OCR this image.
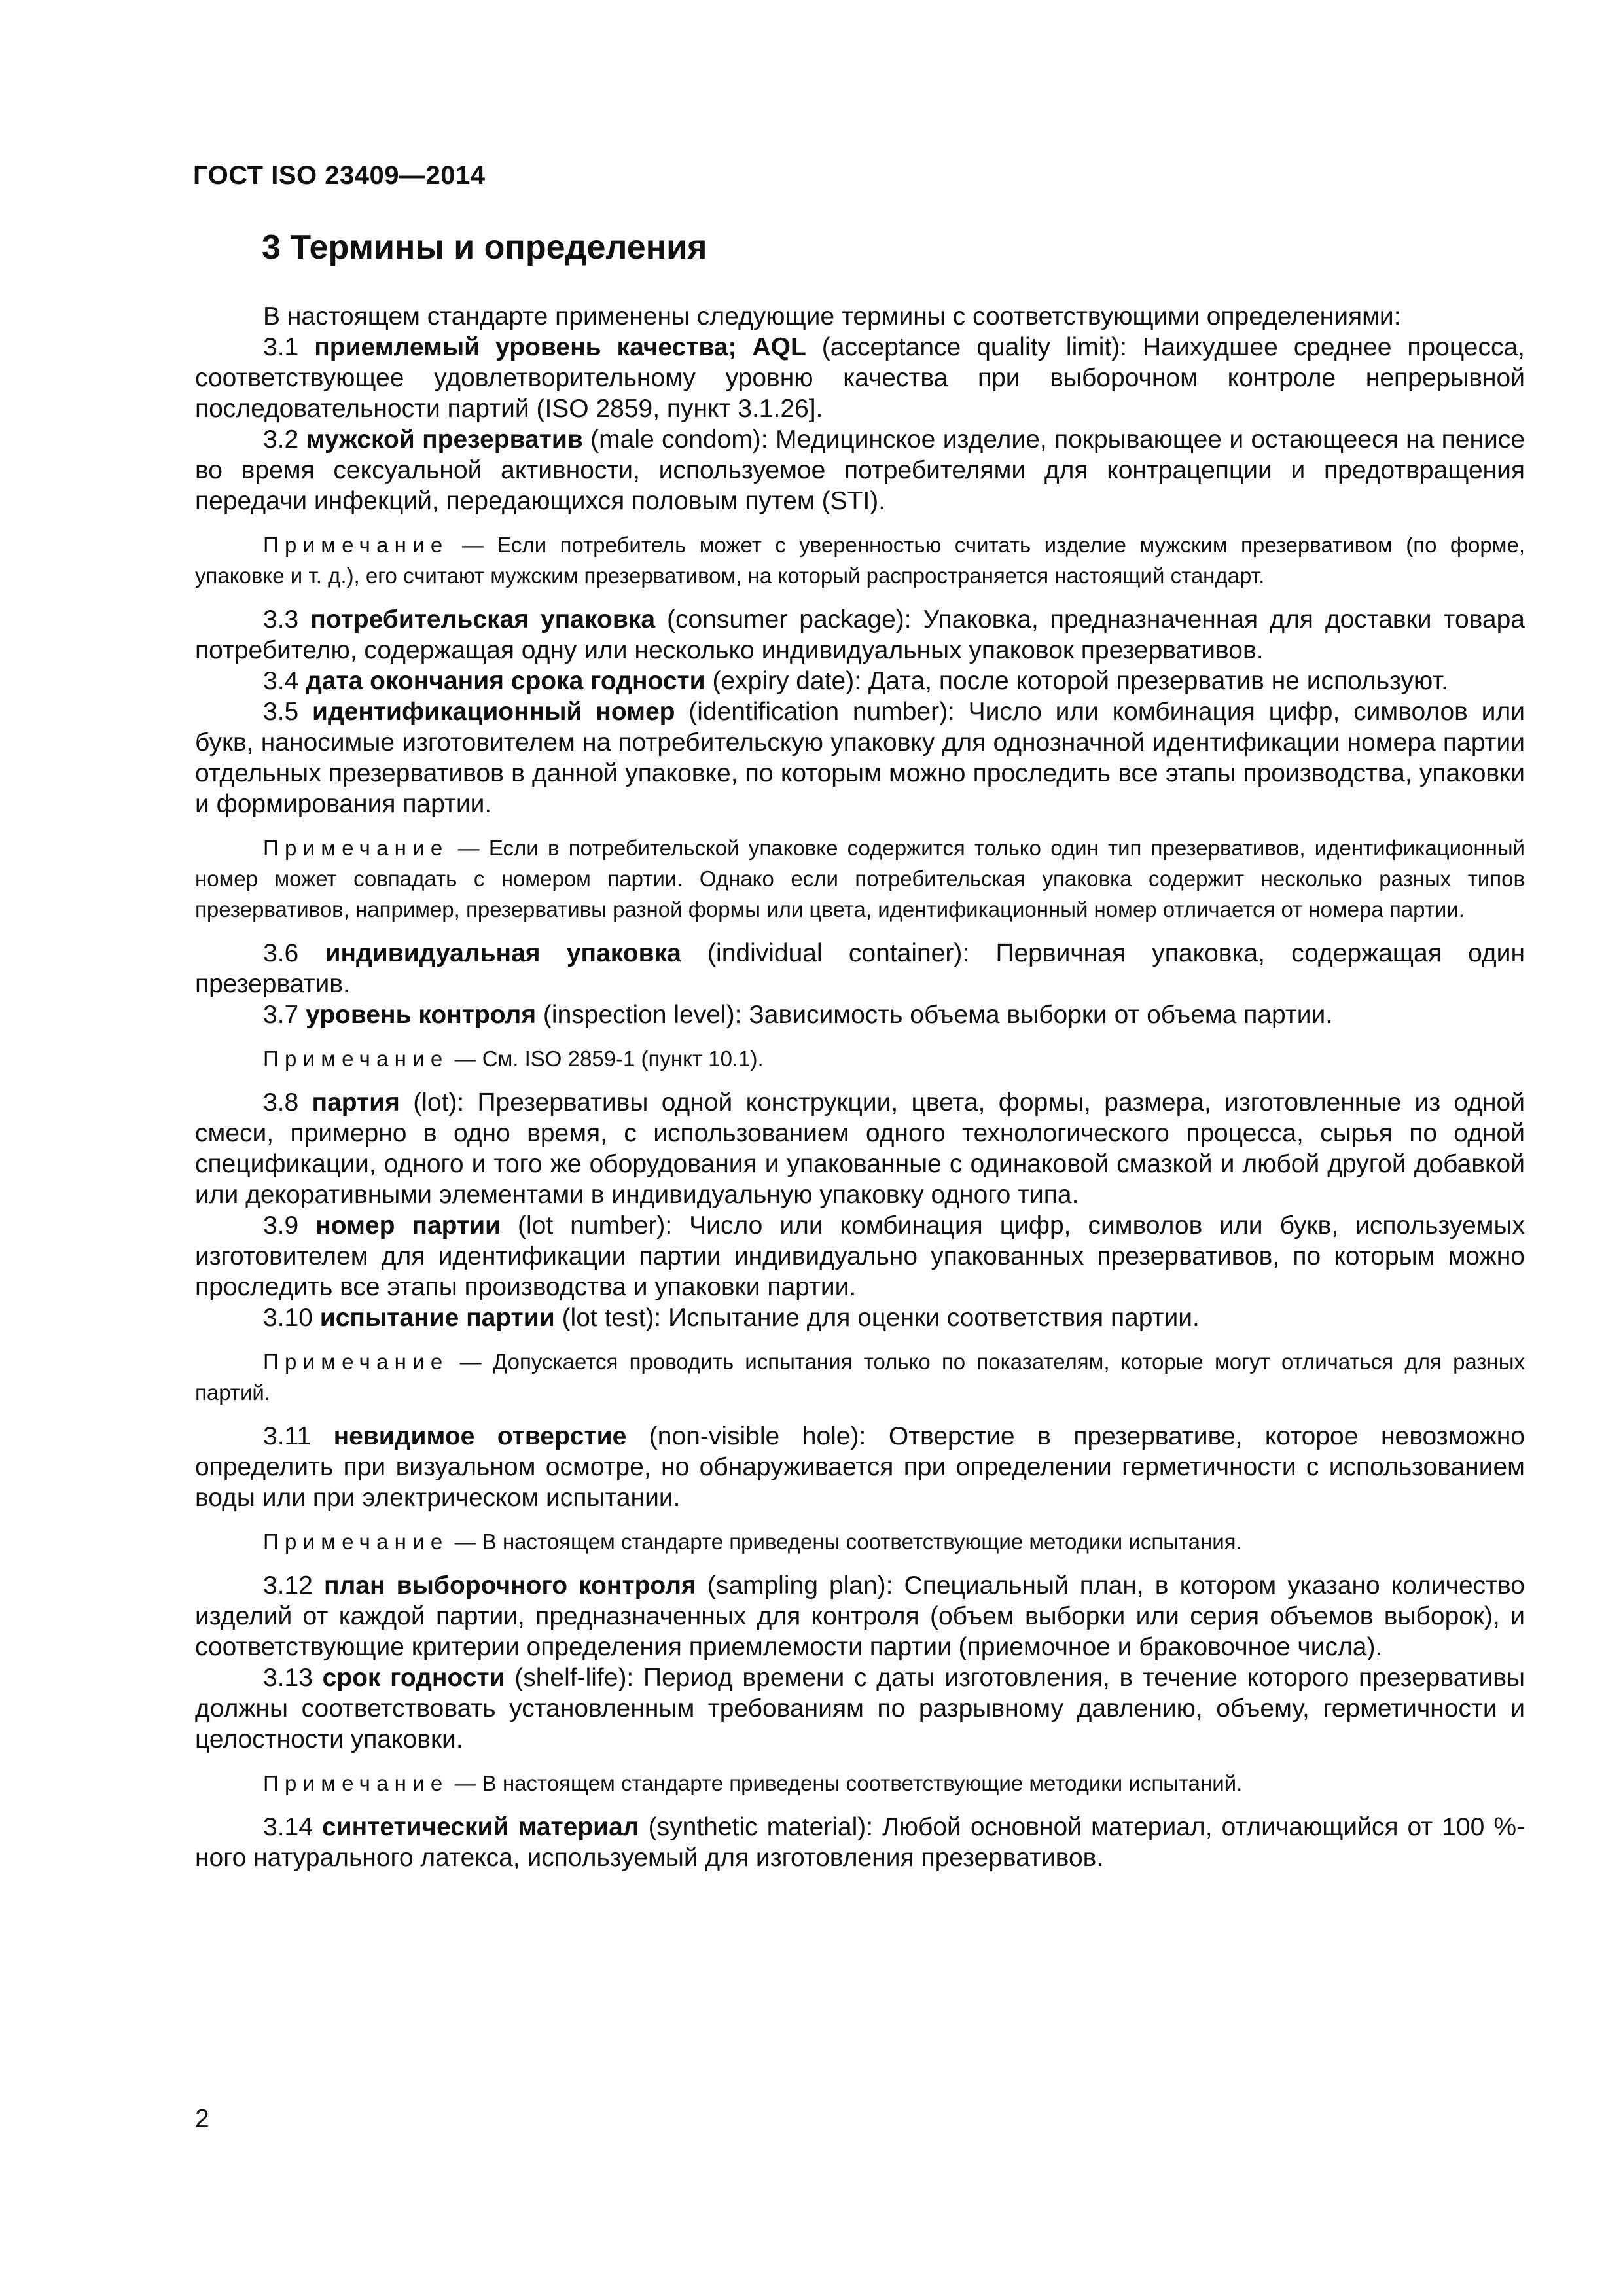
ГОСТ ISO 23409—2014
3 Термины и определения

В настоящем стандарте применены следующие термины с соответствующими определениями:

3.1 приемлемый уровень качества; AQL (acceptance quality limit): Наихудшее среднее процесса, соответствующее удовлетворительному уровню качества при выборочном контроле непрерывной последовательности партий (ISO 2859, пункт 3.1.26].

3.2 мужской презерватив (male condom): Медицинское изделие, покрывающее и остающееся на пенисе во время сексуальной активности, используемое потребителями для контрацепции и предотвращения передачи инфекций, передающихся половым путем (STI).

Примечание — Если потребитель может с уверенностью считать изделие мужским презервативом (по форме, упаковке и т. д.), его считают мужским презервативом, на который распространяется настоящий стандарт.

3.3 потребительская упаковка (consumer package): Упаковка, предназначенная для доставки товара потребителю, содержащая одну или несколько индивидуальных упаковок презервативов.

3.4 дата окончания срока годности (expiry date): Дата, после которой презерватив не используют.

3.5 идентификационный номер (identification number): Число или комбинация цифр, символов или букв, наносимые изготовителем на потребительскую упаковку для однозначной идентификации номера партии отдельных презервативов в данной упаковке, по которым можно проследить все этапы производства, упаковки и формирования партии.

Примечание — Если в потребительской упаковке содержится только один тип презервативов, идентификационный номер может совпадать с номером партии. Однако если потребительская упаковка содержит несколько разных типов презервативов, например, презервативы разной формы или цвета, идентификационный номер отличается от номера партии.

3.6 индивидуальная упаковка (individual container): Первичная упаковка, содержащая один презерватив.

3.7 уровень контроля (inspection level): Зависимость объема выборки от объема партии.

Примечание — См. ISO 2859-1 (пункт 10.1).

3.8 партия (lot): Презервативы одной конструкции, цвета, формы, размера, изготовленные из одной смеси, примерно в одно время, с использованием одного технологического процесса, сырья по одной спецификации, одного и того же оборудования и упакованные с одинаковой смазкой и любой другой добавкой или декоративными элементами в индивидуальную упаковку одного типа.

3.9 номер партии (lot number): Число или комбинация цифр, символов или букв, используемых изготовителем для идентификации партии индивидуально упакованных презервативов, по которым можно проследить все этапы производства и упаковки партии.

3.10 испытание партии (lot test): Испытание для оценки соответствия партии.

Примечание — Допускается проводить испытания только по показателям, которые могут отличаться для разных партий.

3.11 невидимое отверстие (non-visible hole): Отверстие в презервативе, которое невозможно определить при визуальном осмотре, но обнаруживается при определении герметичности с использованием воды или при электрическом испытании.

Примечание — В настоящем стандарте приведены соответствующие методики испытания.

3.12 план выборочного контроля (sampling plan): Специальный план, в котором указано количество изделий от каждой партии, предназначенных для контроля (объем выборки или серия объемов выборок), и соответствующие критерии определения приемлемости партии (приемочное и браковочное числа).

3.13 срок годности (shelf-life): Период времени с даты изготовления, в течение которого презервативы должны соответствовать установленным требованиям по разрывному давлению, объему, герметичности и целостности упаковки.

Примечание — В настоящем стандарте приведены соответствующие методики испытаний.

3.14 синтетический материал (synthetic material): Любой основной материал, отличающийся от 100 %-ного натурального латекса, используемый для изготовления презервативов.

2
